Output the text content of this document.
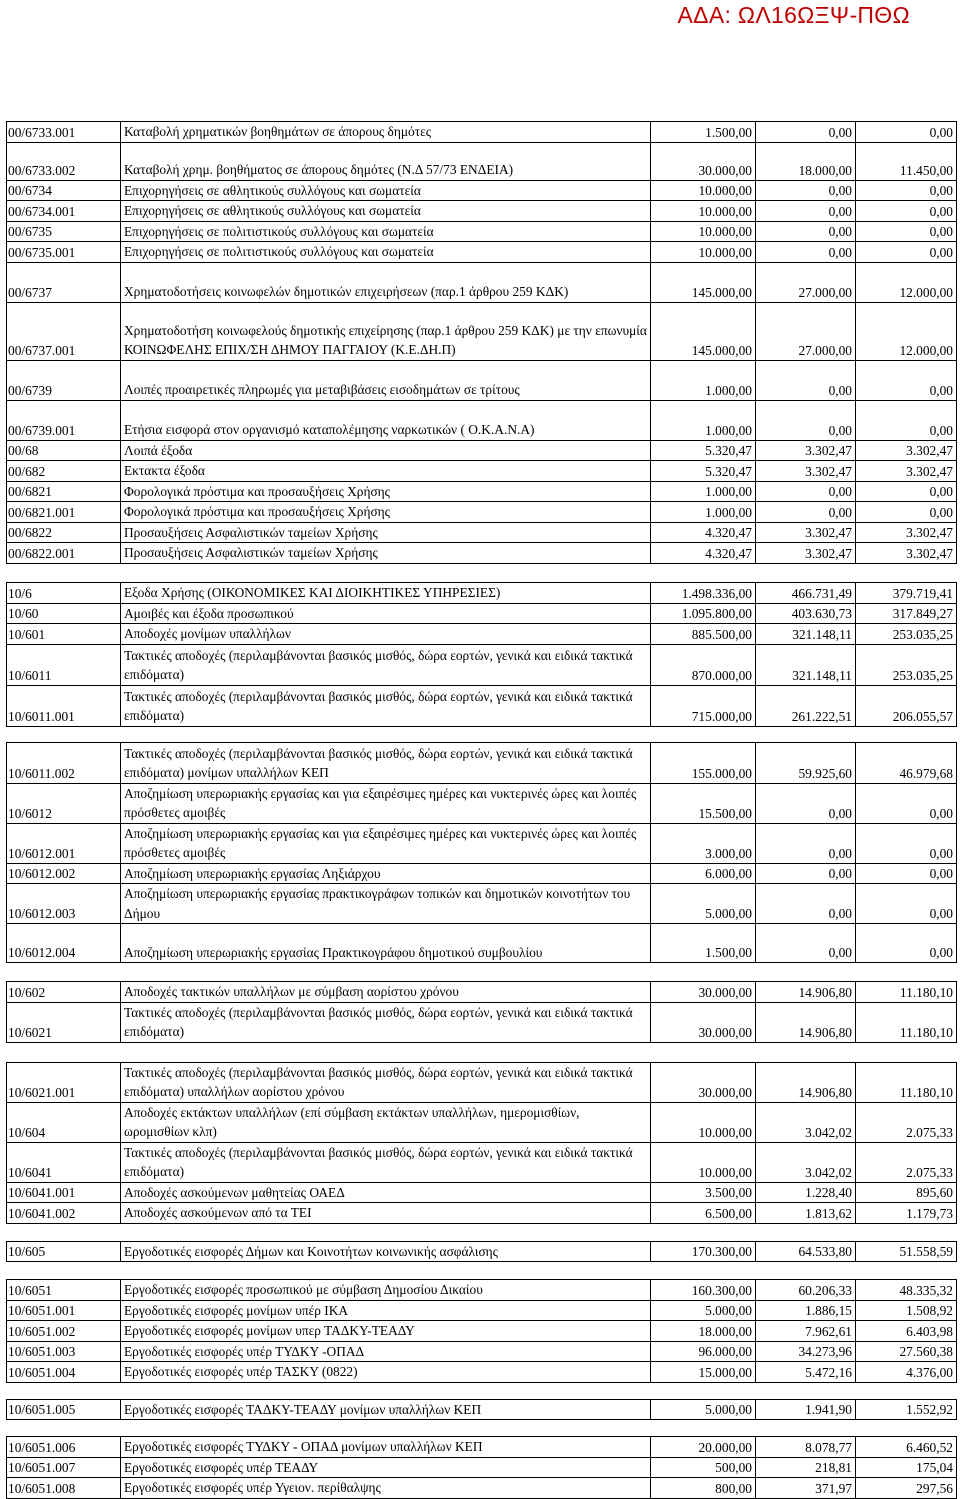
ΑΔΑ: ΩΛ16ΩΞΨ-ΠΘΩ
00/6733.001	Καταβολή χρηματικών βοηθημάτων σε άπορους δημότες	1.500,00	0,00	0,00
00/6733.002	Καταβολή χρημ. βοηθήματος σε άπορους δημότες (Ν.Δ 57/73 ΕΝΔΕΙΑ)	30.000,00	18.000,00	11.450,00
00/6734	Επιχορηγήσεις σε αθλητικούς συλλόγους και σωματεία	10.000,00	0,00	0,00
00/6734.001	Επιχορηγήσεις σε αθλητικούς συλλόγους και σωματεία	10.000,00	0,00	0,00
00/6735	Επιχορηγήσεις σε πολιτιστικούς συλλόγους και σωματεία	10.000,00	0,00	0,00
00/6735.001	Επιχορηγήσεις σε πολιτιστικούς συλλόγους και σωματεία	10.000,00	0,00	0,00
00/6737	Χρηματοδοτήσεις κοινωφελών δημοτικών επιχειρήσεων (παρ.1 άρθρου 259 ΚΔΚ)	145.000,00	27.000,00	12.000,00
00/6737.001	Χρηματοδοτήση κοινωφελούς δημοτικής επιχείρησης (παρ.1 άρθρου 259 ΚΔΚ) με την επωνυμία ΚΟΙΝΩΦΕΛΗΣ ΕΠΙΧ/ΣΗ ΔΗΜΟΥ ΠΑΓΓΑΙΟΥ (Κ.Ε.ΔΗ.Π)	145.000,00	27.000,00	12.000,00
00/6739	Λοιπές προαιρετικές πληρωμές για μεταβιβάσεις εισοδημάτων σε τρίτους	1.000,00	0,00	0,00
00/6739.001	Ετήσια εισφορά στον οργανισμό καταπολέμησης ναρκωτικών ( Ο.Κ.Α.Ν.Α)	1.000,00	0,00	0,00
00/68	Λοιπά έξοδα	5.320,47	3.302,47	3.302,47
00/682	Εκτακτα έξοδα	5.320,47	3.302,47	3.302,47
00/6821	Φορολογικά πρόστιμα και προσαυξήσεις Χρήσης	1.000,00	0,00	0,00
00/6821.001	Φορολογικά πρόστιμα και προσαυξήσεις Χρήσης	1.000,00	0,00	0,00
00/6822	Προσαυξήσεις Ασφαλιστικών ταμείων Χρήσης	4.320,47	3.302,47	3.302,47
00/6822.001	Προσαυξήσεις Ασφαλιστικών ταμείων Χρήσης	4.320,47	3.302,47	3.302,47

10/6	Εξοδα Χρήσης (ΟΙΚΟΝΟΜΙΚΕΣ ΚΑΙ ΔΙΟΙΚΗΤΙΚΕΣ ΥΠΗΡΕΣΙΕΣ)	1.498.336,00	466.731,49	379.719,41
10/60	Αμοιβές και έξοδα προσωπικού	1.095.800,00	403.630,73	317.849,27
10/601	Αποδοχές μονίμων υπαλλήλων	885.500,00	321.148,11	253.035,25
10/6011	Τακτικές αποδοχές (περιλαμβάνονται βασικός μισθός, δώρα εορτών, γενικά και ειδικά τακτικά επιδόματα)	870.000,00	321.148,11	253.035,25
10/6011.001	Τακτικές αποδοχές (περιλαμβάνονται βασικός μισθός, δώρα εορτών, γενικά και ειδικά τακτικά επιδόματα)	715.000,00	261.222,51	206.055,57

10/6011.002	Τακτικές αποδοχές (περιλαμβάνονται βασικός μισθός, δώρα εορτών, γενικά και ειδικά τακτικά επιδόματα) μονίμων υπαλλήλων ΚΕΠ	155.000,00	59.925,60	46.979,68
10/6012	Αποζημίωση υπερωριακής εργασίας και για εξαιρέσιμες ημέρες και νυκτερινές ώρες και λοιπές πρόσθετες αμοιβές	15.500,00	0,00	0,00
10/6012.001	Αποζημίωση υπερωριακής εργασίας και για εξαιρέσιμες ημέρες και νυκτερινές ώρες και λοιπές πρόσθετες αμοιβές	3.000,00	0,00	0,00
10/6012.002	Αποζημίωση υπερωριακής εργασίας Ληξιάρχου	6.000,00	0,00	0,00
10/6012.003	Αποζημίωση υπερωριακής εργασίας πρακτικογράφων τοπικών και δημοτικών κοινοτήτων του Δήμου	5.000,00	0,00	0,00
10/6012.004	Αποζημίωση υπερωριακής εργασίας Πρακτικογράφου δημοτικού συμβουλίου	1.500,00	0,00	0,00

10/602	Αποδοχές τακτικών υπαλλήλων με σύμβαση αορίστου χρόνου	30.000,00	14.906,80	11.180,10
10/6021	Τακτικές αποδοχές (περιλαμβάνονται βασικός μισθός, δώρα εορτών, γενικά και ειδικά τακτικά επιδόματα)	30.000,00	14.906,80	11.180,10

10/6021.001	Τακτικές αποδοχές (περιλαμβάνονται βασικός μισθός, δώρα εορτών, γενικά και ειδικά τακτικά επιδόματα) υπαλλήλων αορίστου χρόνου	30.000,00	14.906,80	11.180,10
10/604	Αποδοχές εκτάκτων υπαλλήλων (επί σύμβαση εκτάκτων υπαλλήλων, ημερομισθίων, ωρομισθίων κλπ)	10.000,00	3.042,02	2.075,33
10/6041	Τακτικές αποδοχές (περιλαμβάνονται βασικός μισθός, δώρα εορτών, γενικά και ειδικά τακτικά επιδόματα)	10.000,00	3.042,02	2.075,33
10/6041.001	Αποδοχές ασκούμενων μαθητείας ΟΑΕΔ	3.500,00	1.228,40	895,60
10/6041.002	Αποδοχές ασκούμενων από τα ΤΕΙ	6.500,00	1.813,62	1.179,73

10/605	Εργοδοτικές εισφορές Δήμων και Κοινοτήτων κοινωνικής ασφάλισης	170.300,00	64.533,80	51.558,59

10/6051	Εργοδοτικές εισφορές προσωπικού με σύμβαση Δημοσίου Δικαίου	160.300,00	60.206,33	48.335,32
10/6051.001	Εργοδοτικές εισφορές μονίμων υπέρ ΙΚΑ	5.000,00	1.886,15	1.508,92
10/6051.002	Εργοδοτικές εισφορές μονίμων υπερ ΤΑΔΚΥ-ΤΕΑΔΥ	18.000,00	7.962,61	6.403,98
10/6051.003	Εργοδοτικές εισφορές υπέρ ΤΥΔΚΥ -ΟΠΑΔ	96.000,00	34.273,96	27.560,38
10/6051.004	Εργοδοτικές εισφορές υπέρ ΤΑΣΚΥ (0822)	15.000,00	5.472,16	4.376,00

10/6051.005	Εργοδοτικές εισφορές ΤΑΔΚΥ-ΤΕΑΔΥ μονίμων υπαλλήλων ΚΕΠ	5.000,00	1.941,90	1.552,92

10/6051.006	Εργοδοτικές εισφορές ΤΥΔΚΥ - ΟΠΑΔ μονίμων υπαλλήλων ΚΕΠ	20.000,00	8.078,77	6.460,52
10/6051.007	Εργοδοτικές εισφορές υπέρ ΤΕΑΔΥ	500,00	218,81	175,04
10/6051.008	Εργοδοτικές εισφορές υπέρ Υγειον. περίθαλψης	800,00	371,97	297,56
